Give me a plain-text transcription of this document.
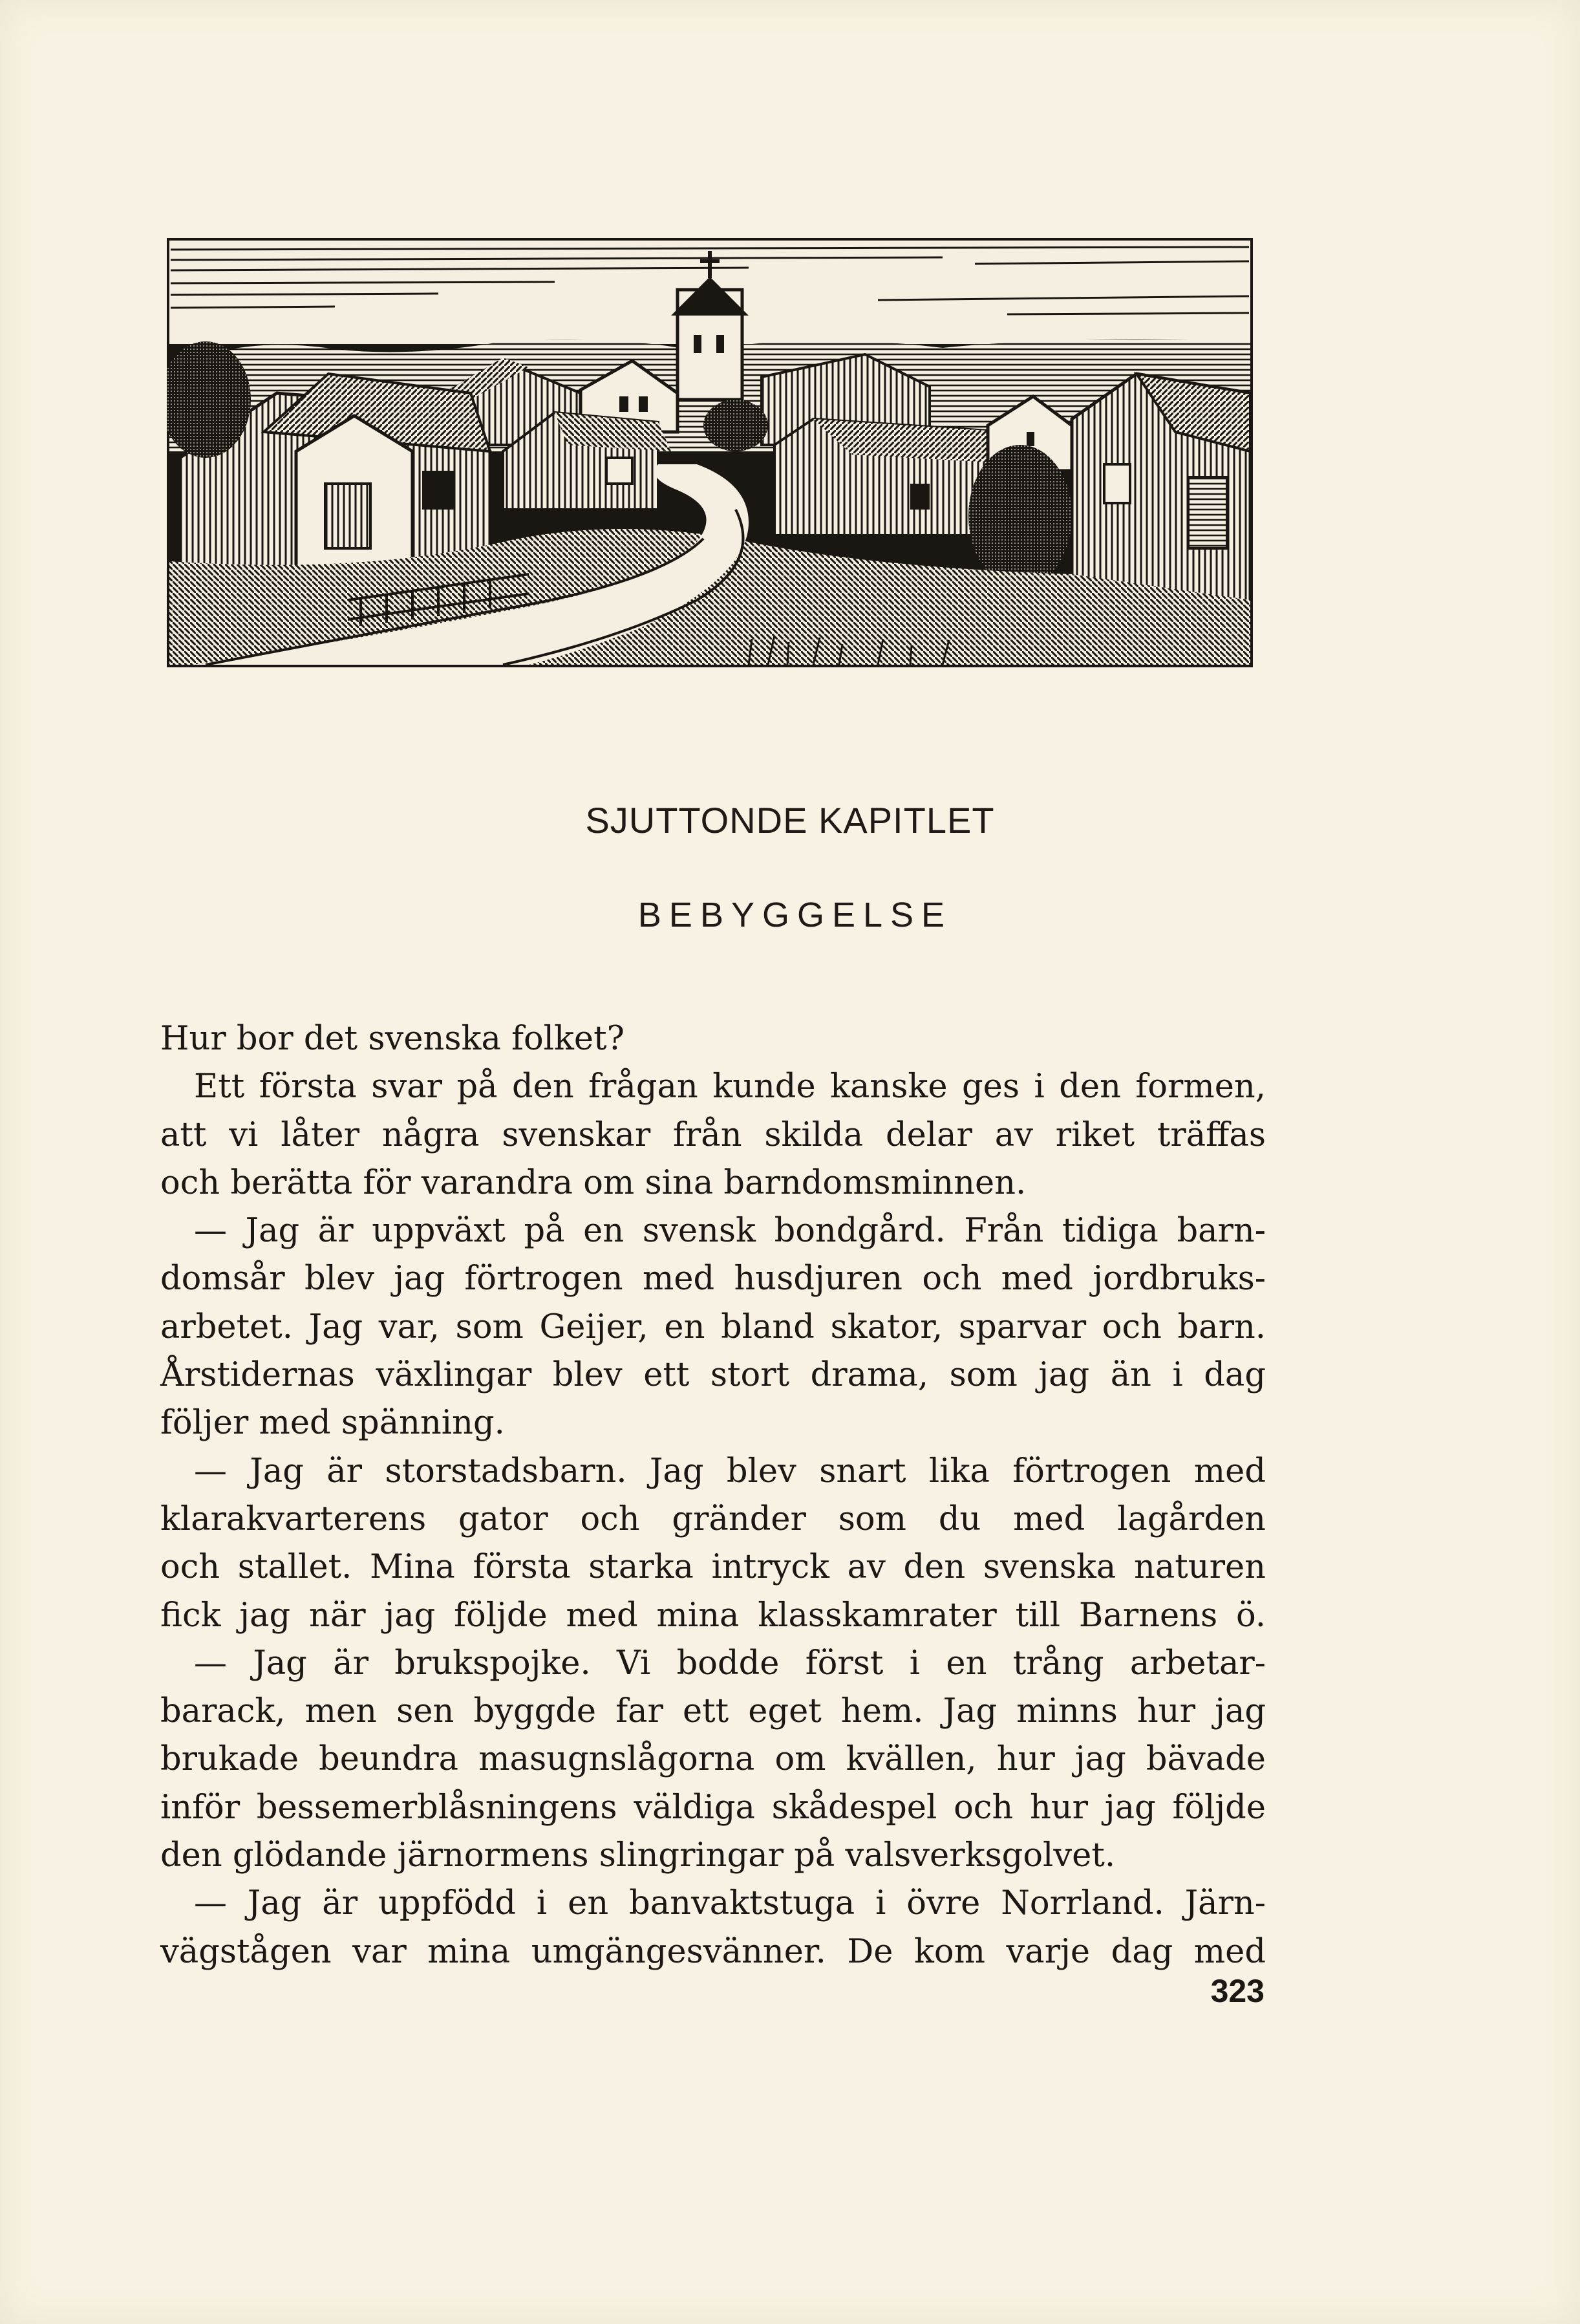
SJUTTONDE KAPITLET
BEBYGGELSE
Hur bor det svenska folket?
Ett första svar på den frågan kunde kanske ges i den formen,
att vi låter några svenskar från skilda delar av riket träffas
och berätta för varandra om sina barndomsminnen.
— Jag är uppväxt på en svensk bondgård. Från tidiga barn-
domsår blev jag förtrogen med husdjuren och med jordbruks-
arbetet. Jag var, som Geijer, en bland skator, sparvar och barn.
Årstidernas växlingar blev ett stort drama, som jag än i dag
följer med spänning.
— Jag är storstadsbarn. Jag blev snart lika förtrogen med
klarakvarterens gator och gränder som du med lagården
och stallet. Mina första starka intryck av den svenska naturen
fick jag när jag följde med mina klasskamrater till Barnens ö.
— Jag är brukspojke. Vi bodde först i en trång arbetar-
barack, men sen byggde far ett eget hem. Jag minns hur jag
brukade beundra masugnslågorna om kvällen, hur jag bävade
inför bessemerblåsningens väldiga skådespel och hur jag följde
den glödande järnormens slingringar på valsverksgolvet.
— Jag är uppfödd i en banvaktstuga i övre Norrland. Järn-
vägstågen var mina umgängesvänner. De kom varje dag med
323
